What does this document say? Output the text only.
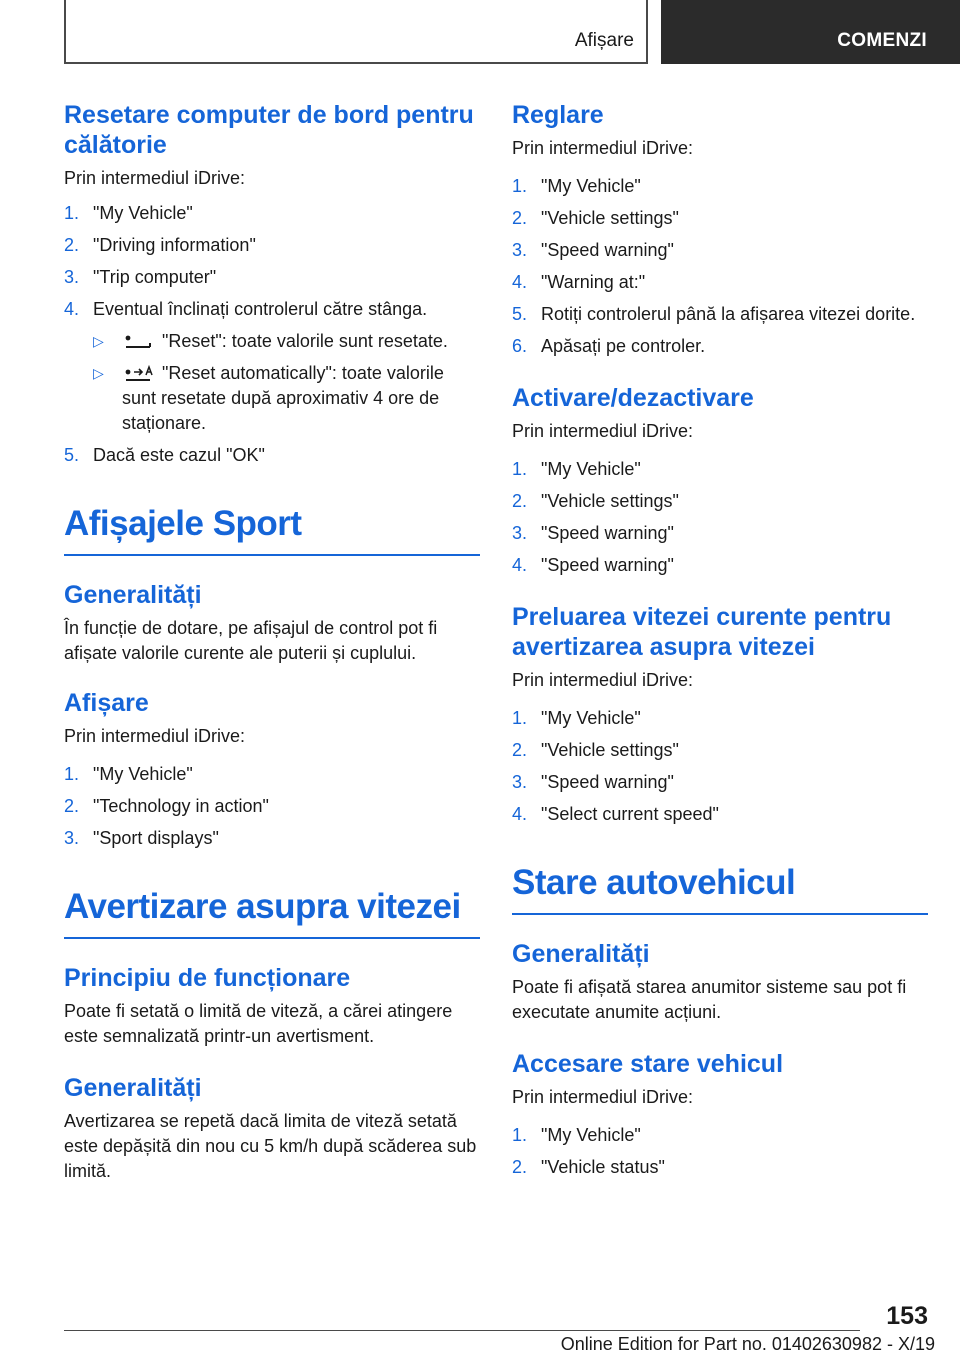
Afișare	COMENZI
Resetare computer de bord pentru călătorie

Prin intermediul iDrive:

1. "My Vehicle"
2. "Driving information"
3. "Trip computer"
4. Eventual înclinați controlerul către stânga.
▷	"Reset": toate valorile sunt resetate.
▷	"Reset automatically": toate valorile sunt resetate după aproximativ 4 ore de staționare.
5. Dacă este cazul "OK"
Afișajele Sport
Generalități

În funcție de dotare, pe afișajul de control pot fi afișate valorile curente ale puterii și cuplului.

Afișare

Prin intermediul iDrive:

1. "My Vehicle"
2. "Technology in action"
3. "Sport displays"
Avertizare asupra vitezei
Principiu de funcționare

Poate fi setată o limită de viteză, a cărei atingere este semnalizată printr-un avertisment.

Generalități

Avertizarea se repetă dacă limita de viteză setată este depășită din nou cu 5 km/h după scăderea sub limită.

Reglare

Prin intermediul iDrive:

1. "My Vehicle"
2. "Vehicle settings"
3. "Speed warning"
4. "Warning at:"
5. Rotiți controlerul până la afișarea vitezei dorite.
6. Apăsați pe controler.
Activare/dezactivare

Prin intermediul iDrive:

1. "My Vehicle"
2. "Vehicle settings"
3. "Speed warning"
4. "Speed warning"
Preluarea vitezei curente pentru avertizarea asupra vitezei

Prin intermediul iDrive:

1. "My Vehicle"
2. "Vehicle settings"
3. "Speed warning"
4. "Select current speed"
Stare autovehicul
Generalități

Poate fi afișată starea anumitor sisteme sau pot fi executate anumite acțiuni.

Accesare stare vehicul

Prin intermediul iDrive:

1. "My Vehicle"
2. "Vehicle status"
153
Online Edition for Part no. 01402630982 - X/19
